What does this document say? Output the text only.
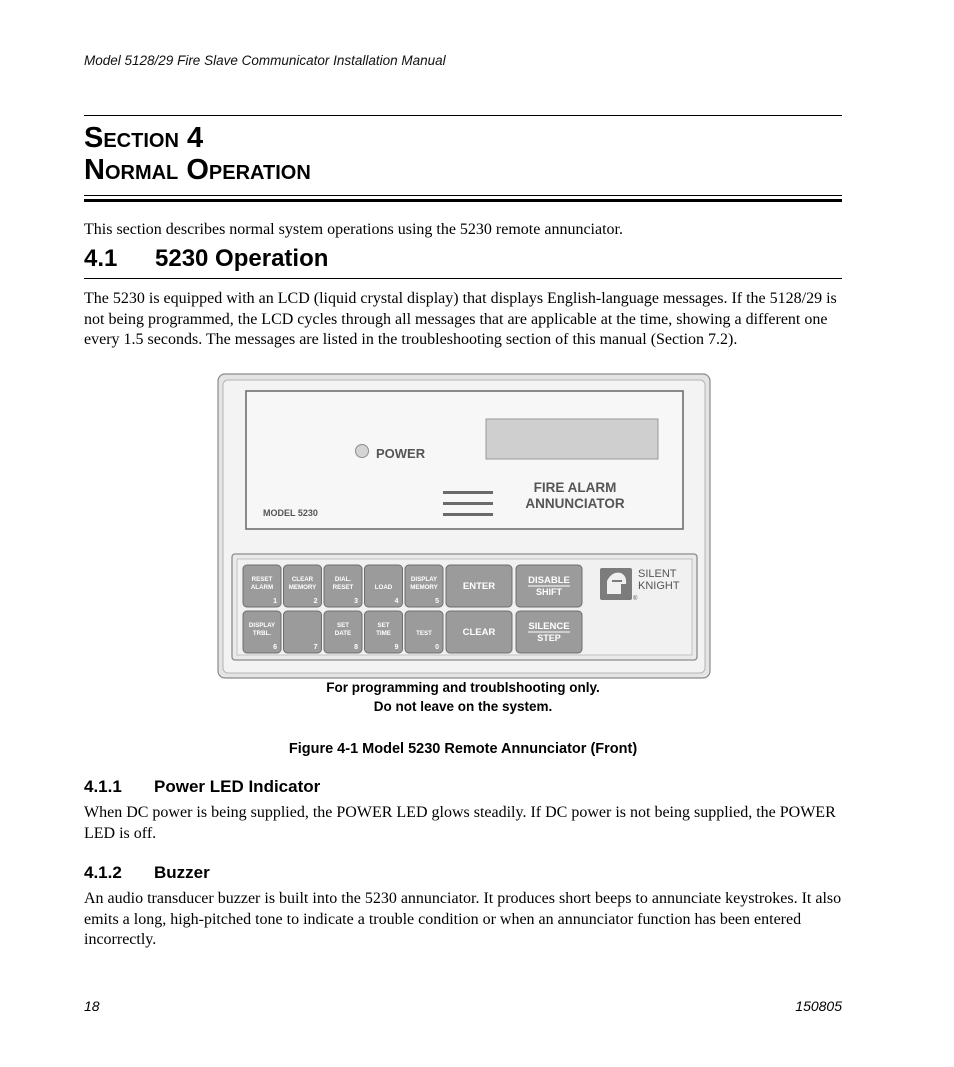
Model 5128/29 Fire Slave Communicator Installation Manual
Section 4
Normal Operation
This section describes normal system operations using the 5230 remote annunciator.
4.1 5230 Operation
The 5230 is equipped with an LCD (liquid crystal display) that displays English-language messages. If the 5128/29 is not being programmed, the LCD cycles through all messages that are applicable at the time, showing a different one every 1.5 seconds. The messages are listed in the troubleshooting section of this manual (Section 7.2).
POWER
MODEL 5230
FIRE ALARM
ANNUNCIATOR
RESET
ALARM
1
CLEAR
MEMORY
2
DIAL.
RESET
3
LOAD
4
DISPLAY
MEMORY
5
DISPLAY
TRBL.
6	7
SET
DATE
8
SET
TIME
9
TEST
0
ENTER
CLEAR
DISABLE
SHIFT
SILENCE
STEP
SILENT
KNIGHT
®
For programming and troublshooting only.
Do not leave on the system.
Figure 4-1 Model 5230 Remote Annunciator (Front)
4.1.1 Power LED Indicator
When DC power is being supplied, the POWER LED glows steadily. If DC power is not being supplied, the POWER LED is off.
4.1.2 Buzzer
An audio transducer buzzer is built into the 5230 annunciator. It produces short beeps to annunciate keystrokes. It also emits a long, high-pitched tone to indicate a trouble condition or when an annunciator function has been entered incorrectly.
18	150805
